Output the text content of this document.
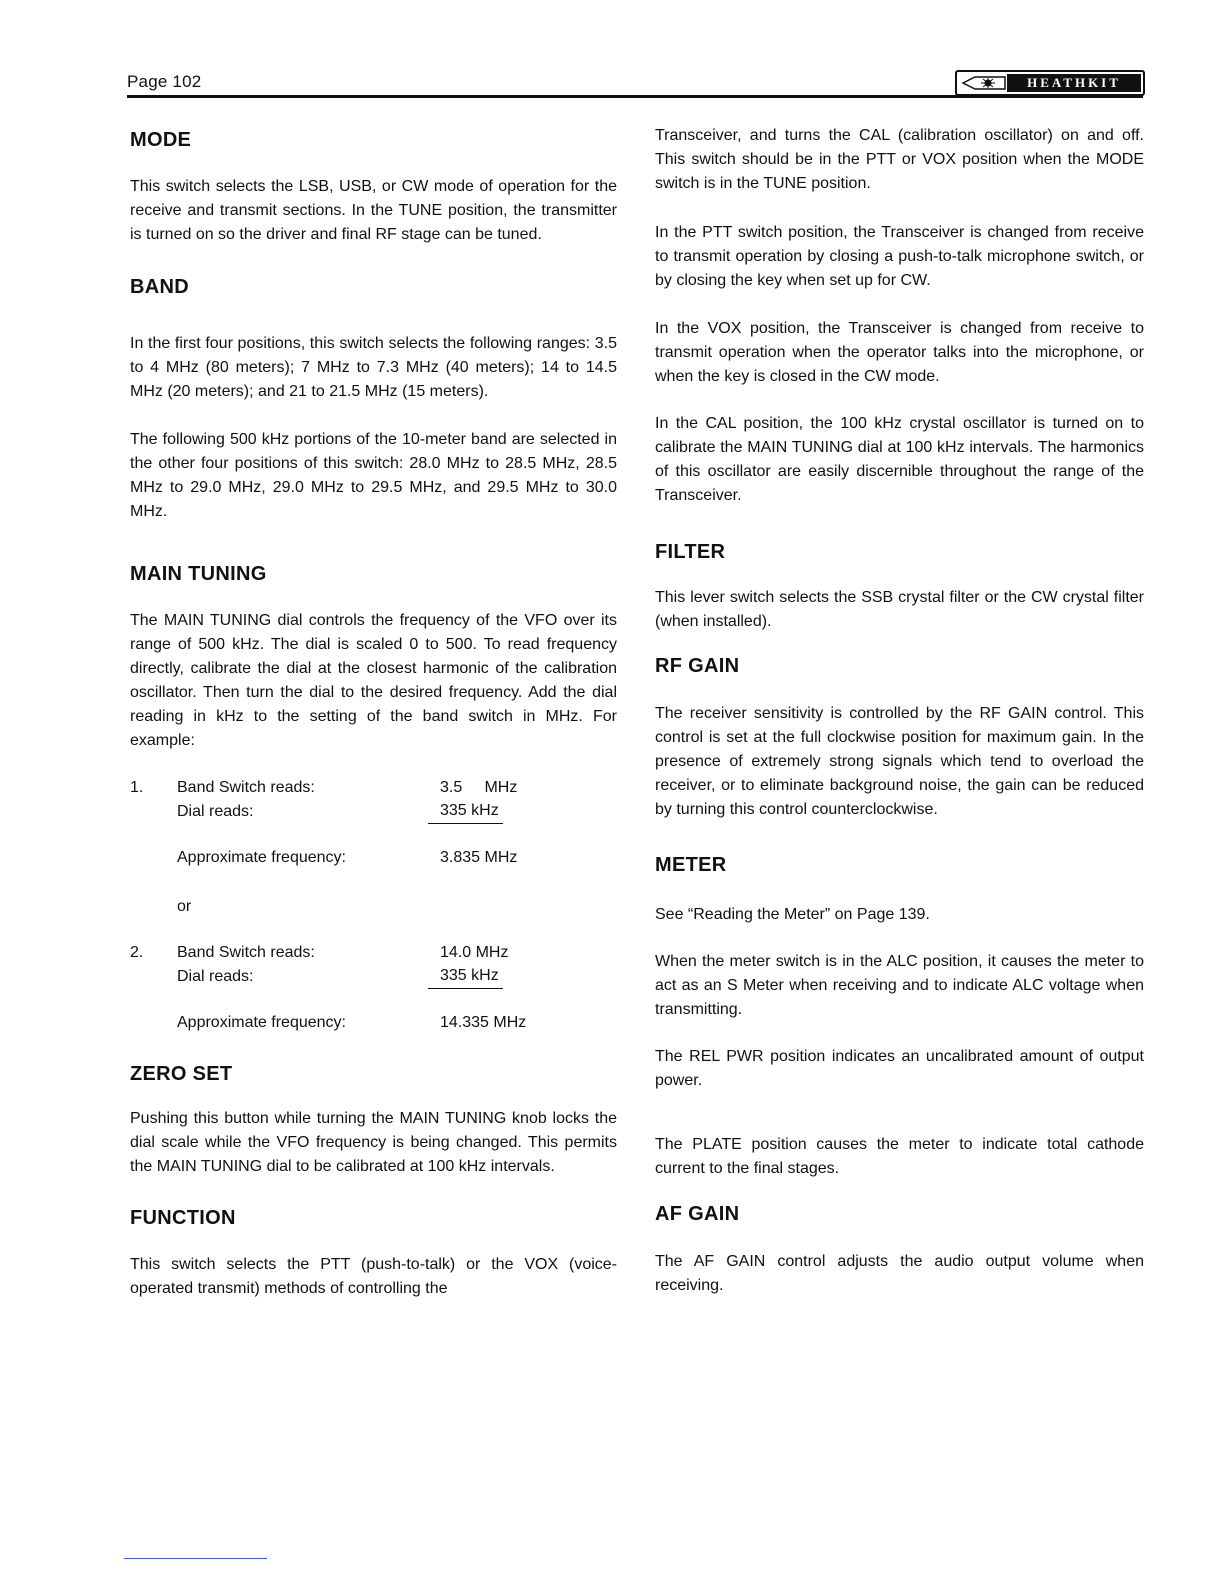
Page 102	HEATHKIT
MODE

This switch selects the LSB, USB, or CW mode of operation for the receive and transmit sections. In the TUNE position, the transmitter is turned on so the driver and final RF stage can be tuned.

BAND

In the first four positions, this switch selects the following ranges: 3.5 to 4 MHz (80 meters); 7 MHz to 7.3 MHz (40 meters); 14 to 14.5 MHz (20 meters); and 21 to 21.5 MHz (15 meters).

The following 500 kHz portions of the 10-meter band are selected in the other four positions of this switch: 28.0 MHz to 28.5 MHz, 28.5 MHz to 29.0 MHz, 29.0 MHz to 29.5 MHz, and 29.5 MHz to 30.0 MHz.

MAIN TUNING

The MAIN TUNING dial controls the frequency of the VFO over its range of 500 kHz. The dial is scaled 0 to 500. To read frequency directly, calibrate the dial at the closest harmonic of the calibration oscillator. Then turn the dial to the desired frequency. Add the dial reading in kHz to the setting of the band switch in MHz. For example:

1. Band Switch reads:	3.5     MHz
Dial reads:	335 kHz
Approximate frequency:	3.835 MHz
or
2. Band Switch reads:	14.0 MHz
Dial reads:	335 kHz
Approximate frequency:	14.335 MHz
ZERO SET

Pushing this button while turning the MAIN TUNING knob locks the dial scale while the VFO frequency is being changed. This permits the MAIN TUNING dial to be calibrated at 100 kHz intervals.

FUNCTION

This switch selects the PTT (push-to-talk) or the VOX (voice-operated transmit) methods of controlling the

Transceiver, and turns the CAL (calibration oscillator) on and off. This switch should be in the PTT or VOX position when the MODE switch is in the TUNE position.

In the PTT switch position, the Transceiver is changed from receive to transmit operation by closing a push-to-talk microphone switch, or by closing the key when set up for CW.

In the VOX position, the Transceiver is changed from receive to transmit operation when the operator talks into the microphone, or when the key is closed in the CW mode.

In the CAL position, the 100 kHz crystal oscillator is turned on to calibrate the MAIN TUNING dial at 100 kHz intervals. The harmonics of this oscillator are easily discernible throughout the range of the Transceiver.

FILTER

This lever switch selects the SSB crystal filter or the CW crystal filter (when installed).

RF GAIN

The receiver sensitivity is controlled by the RF GAIN control. This control is set at the full clockwise position for maximum gain. In the presence of extremely strong signals which tend to overload the receiver, or to eliminate background noise, the gain can be reduced by turning this control counterclockwise.

METER

See “Reading the Meter” on Page 139.

When the meter switch is in the ALC position, it causes the meter to act as an S Meter when receiving and to indicate ALC voltage when transmitting.

The REL PWR position indicates an uncalibrated amount of output power.

The PLATE position causes the meter to indicate total cathode current to the final stages.

AF GAIN

The AF GAIN control adjusts the audio output volume when receiving.
